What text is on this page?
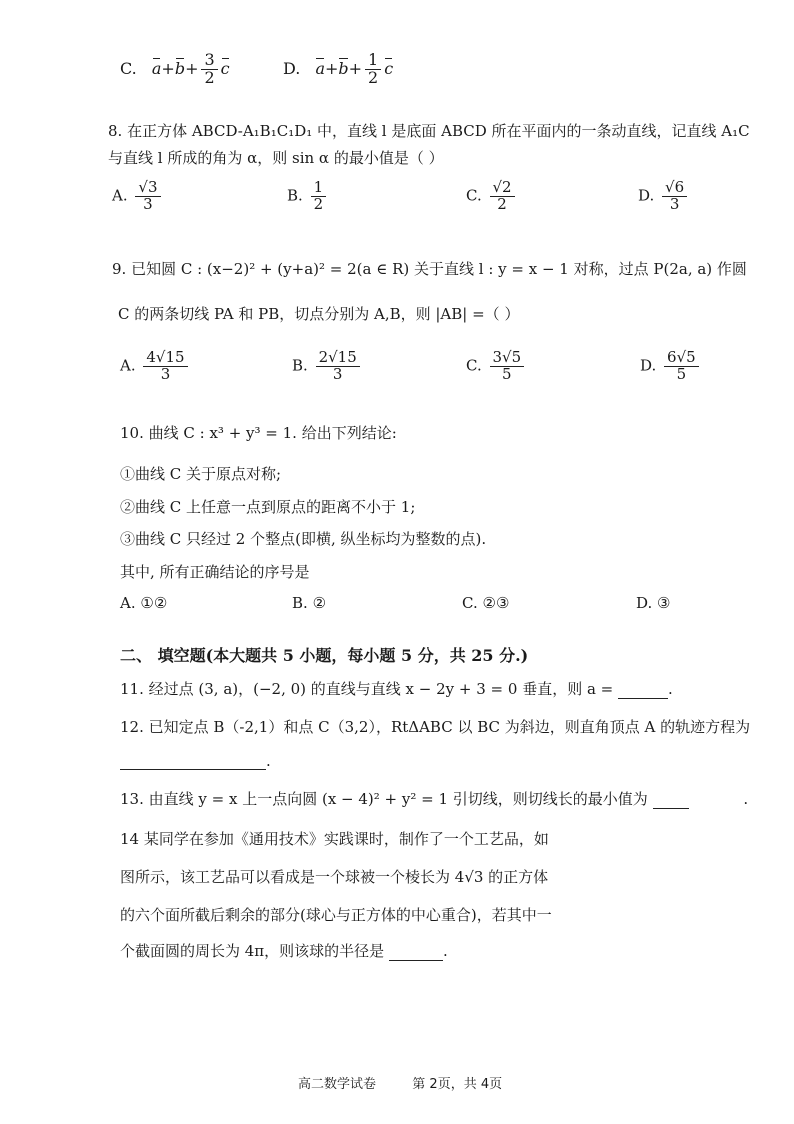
C. $a+b+ \frac{3}{2}$ c	D. $a+b+ \frac{1}{2}$ c
8. 在正方体 ABCD-A₁B₁C₁D₁ 中，直线 l 是底面 ABCD 所在平面内的一条动直线，记直线 A₁C
与直线 l 所成的角为 α，则 sin α 的最小值是（ ）
A. $\frac{√3}{3}$	B. $\frac{1}{2}$	C. $\frac{√2}{2}$	D. $\frac{√6}{3}$
9. 已知圆 C : (x−2)² + (y+a)² = 2(a ∈ R) 关于直线 l : y = x − 1 对称，过点 P(2a, a) 作圆
C 的两条切线 PA 和 PB，切点分别为 A,B，则 |AB| =（ ）
A. $\frac{4√15}{3}$	B. $\frac{2√15}{3}$	C. $\frac{3√5}{5}$	D. $\frac{6√5}{5}$
10. 曲线 C : x³ + y³ = 1. 给出下列结论:
①曲线 C 关于原点对称;
②曲线 C 上任意一点到原点的距离不小于 1;
③曲线 C 只经过 2 个整点(即横, 纵坐标均为整数的点).
其中, 所有正确结论的序号是
A. ①②	B. ②	C. ②③	D. ③
二、 填空题(本大题共 5 小题，每小题 5 分，共 25 分.)
11. 经过点 (3, a)，(−2, 0) 的直线与直线 x − 2y + 3 = 0 垂直，则 a =	.
12. 已知定点 B（-2,1）和点 C（3,2），RtΔABC 以 BC 为斜边，则直角顶点 A 的轨迹方程为
.
13. 由直线 y = x 上一点向圆 (x − 4)² + y² = 1 引切线，则切线长的最小值为	.
14 某同学在参加《通用技术》实践课时，制作了一个工艺品，如
图所示，该工艺品可以看成是一个球被一个棱长为 4√3 的正方体
的六个面所截后剩余的部分(球心与正方体的中心重合)，若其中一
个截面圆的周长为 4π，则该球的半径是	.
高二数学试卷	第 2页，共 4页
